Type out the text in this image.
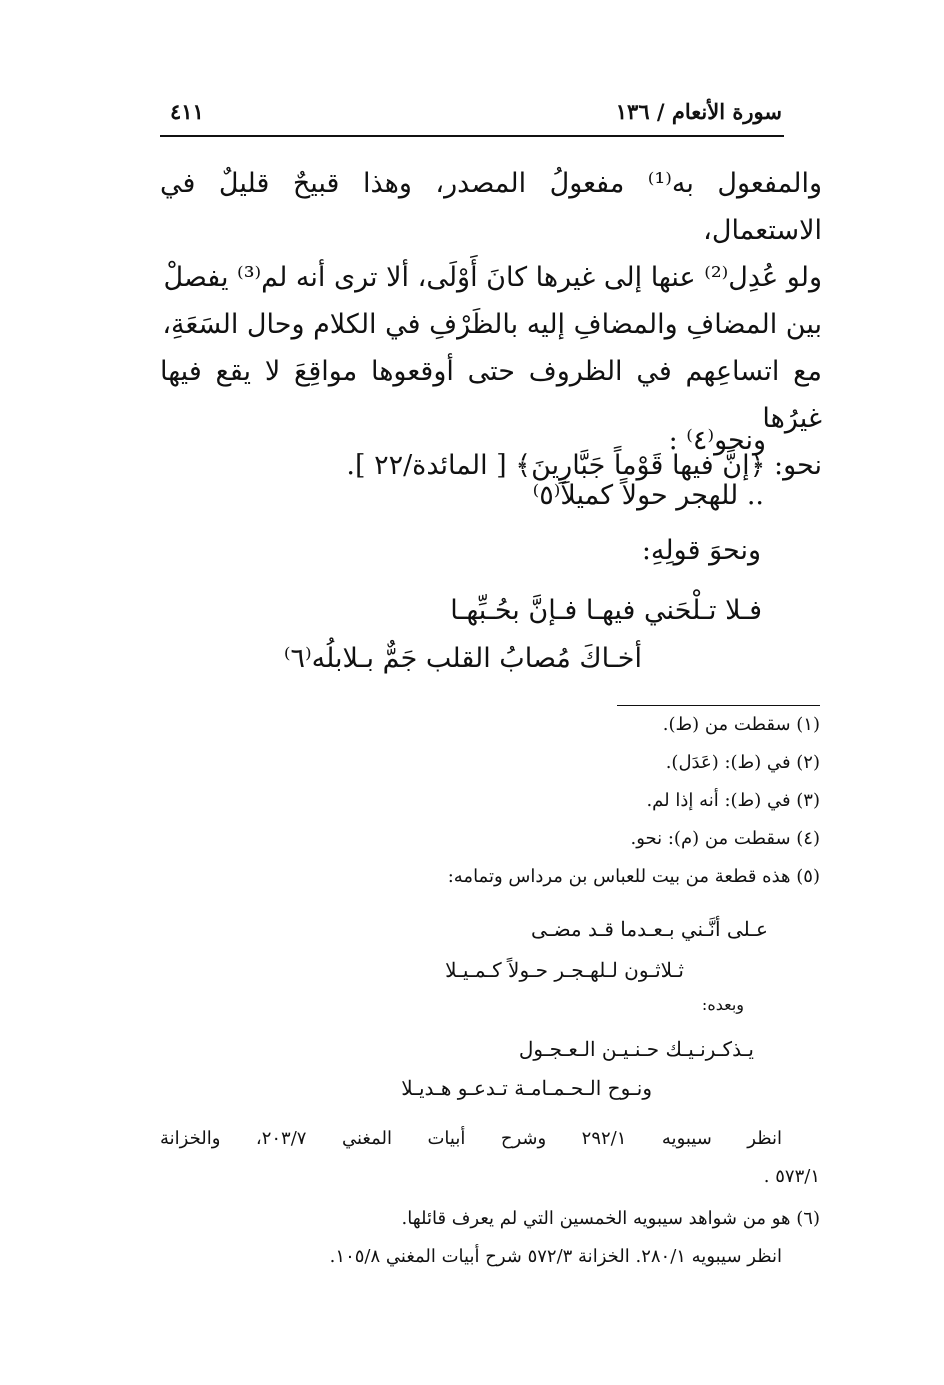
سورة الأنعام / ١٣٦
٤١١

والمفعول به⁽¹⁾ مفعولُ المصدر، وهذا قبيحٌ قليلٌ في الاستعمال،

ولو عُدِل⁽²⁾ عنها إلى غيرها كانَ أَوْلَى، ألا ترى أنه لم⁽³⁾ يفصلْ

بين المضافِ والمضافِ إليه بالظَرْفِ في الكلام وحال السَعَةِ،

مع اتساعِهم في الظروف حتى أوقعوها مواقِعَ لا يقع فيها غيرُها

نحو: ﴿إنَّ فيها قَوْماً جَبَّارِينَ﴾ [ المائدة/٢٢ ].

ونحو⁽٤⁾ :
.. للهجر حولاً كميلاً⁽٥⁾
ونحوَ قولِهِ:
فـلا تـلْحَني فيهـا فـإنَّ بحُـبِّهـا
أخـاكَ مُصابُ القلب جَمٌّ بـلابلُه⁽٦⁾
(١) سقطت من (ط).
(٢) في (ط): (عَدَل).
(٣) في (ط): أنه إذا لم.
(٤) سقطت من (م): نحو.
(٥) هذه قطعة من بيت للعباس بن مرداس وتمامه:
عـلى أنَّـني بـعـدما قـد مضـى
ثـلاثـون لـلهـجـر حـولاً كـمـيـلا
وبعده:
يـذكـرنـيـك حـنـيـن الـعـجـول
ونـوح الـحـمـامـة تـدعـو هـديـلا
انظر سيبويه ٢٩٢/١ وشرح أبيات المغني ٢٠٣/٧، والخزانة
٥٧٣/١ .
(٦) هو من شواهد سيبويه الخمسين التي لم يعرف قائلها.
انظر سيبويه ٢٨٠/١. الخزانة ٥٧٢/٣ شرح أبيات المغني ١٠٥/٨.
